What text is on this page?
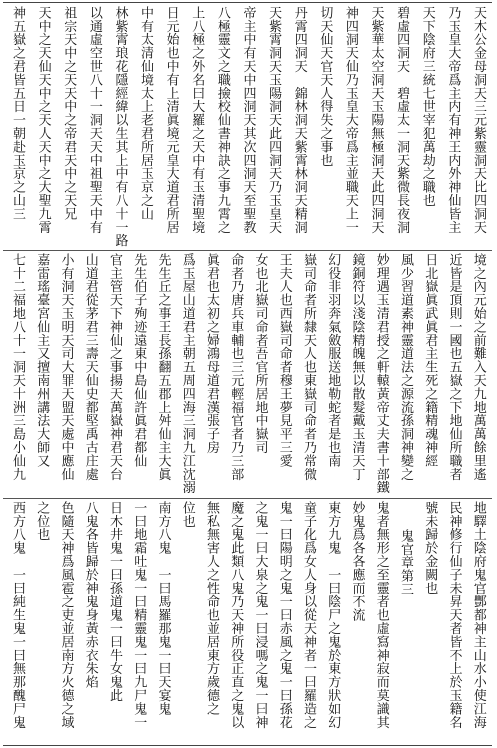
天木公金母洞天三元紫靈洞天比四洞天
乃玉皇大帝爲主内有神王内外神仙皆主
天下陰府三統七世宰犯萬劫之職也
碧虛四洞天　碧虛太一洞天紫微長夜洞
天紫華太空洞天玉陽無極洞天此四洞天
神四洞天仙乃玉皇大帝爲主並職天上一
切天仙天官天人得失之事也
丹霄四洞天　錦林洞天紫霄林洞天精洞
天紫霄洞天玉陽洞天此四洞天乃玉皇天
帝主中有天中四洞天其次四洞天至聖教
八極靈文之職撿校仙書神訣之事九霄之
上八極之外名曰大羅之天中有玉清聖境
日元始也中有上清眞境元皇大道君所居
中有太清仙境太上老君所居玉京之山
林紫霄琅花隱經緯以生其上中有八十一路
以通虛空世八十一洞天天中祖聖天中有
祖宗天中之天天中之帝君天中之天兄
天中之天仙天中之天人天中之大聖九霄
神五嶽之君皆五日一朝赴玉京之山三
境之內元始之前難入天九地萬萬餘里遙
近皆是頂則一國也五嶽之下地仙所職者
日北嶽眞武眞君主生死之籍精魂神經
風少習道素神靈道法之源流孫洞神變之
妙理遇玉清君授之軒轅黃帝丈夫書十部鐵
鏡銅符以淺陰精魄無以散髮戴玉清天丁
幻役非羽奔氣斂服送地勒蛇者是也南
嶽司命者所隸天人也東嶽司命者乃常微
王夫人也西嶽司命者穆王夢見平三愛
女也北嶽司命者吾官所居地中嶽司
命者乃唐兵車輔也三元輕福官者乃三部
眞君也太初之婦鴻母道君漢張子房
爲玉屋山道君主朝五周四海三洞九江沈溺
先生丘之事王長孫翻五郡上舛仙主大眞
先生伯子殉迹遠東中島仙許眞君都仙
官主管天下神仙之事揚天萬嶽神君天台
山道君從茅君三壽天仙史都堅禹古庄處
小有洞天玉明天司大罪天盟天處中應仙
嘉雷瑤臺宮仙主又擅南州講法大師又
七十二福地八十一洞天十洲三島小仙九
地驛土陰府鬼官酆都神主山水小使江海
民神修行仙子未昇天者皆不上於玉籍名
號未歸於金闕也
鬼官章第三
鬼者無形之至靈者也虛寫神寂而莫識其
妙鬼爲各各應而不流
東方九鬼　一曰陰尸之鬼於東方狀如幻
童子化爲女人身以從天神者一曰羅造之
鬼一曰陽明之鬼一曰赤風之鬼一曰孫花
之鬼一曰大泉之鬼一曰浸嗎之鬼一曰神
魔之鬼此類八鬼乃天神所役正直之鬼以
無私無害人之性命也並居東方歲德之
位也
南方八鬼　一曰馬羅那鬼一曰天宴鬼
一曰地霜吐鬼一曰精靈鬼一曰九尸鬼一
日木井鬼一曰孫道鬼一曰牛女鬼此
八鬼各皆歸於神鬼身黃赤衣朱焰
色隨天神爲風雹之吏並居南方火德之域
之位也
西方八鬼　一曰純生鬼一曰無那醜尸鬼
